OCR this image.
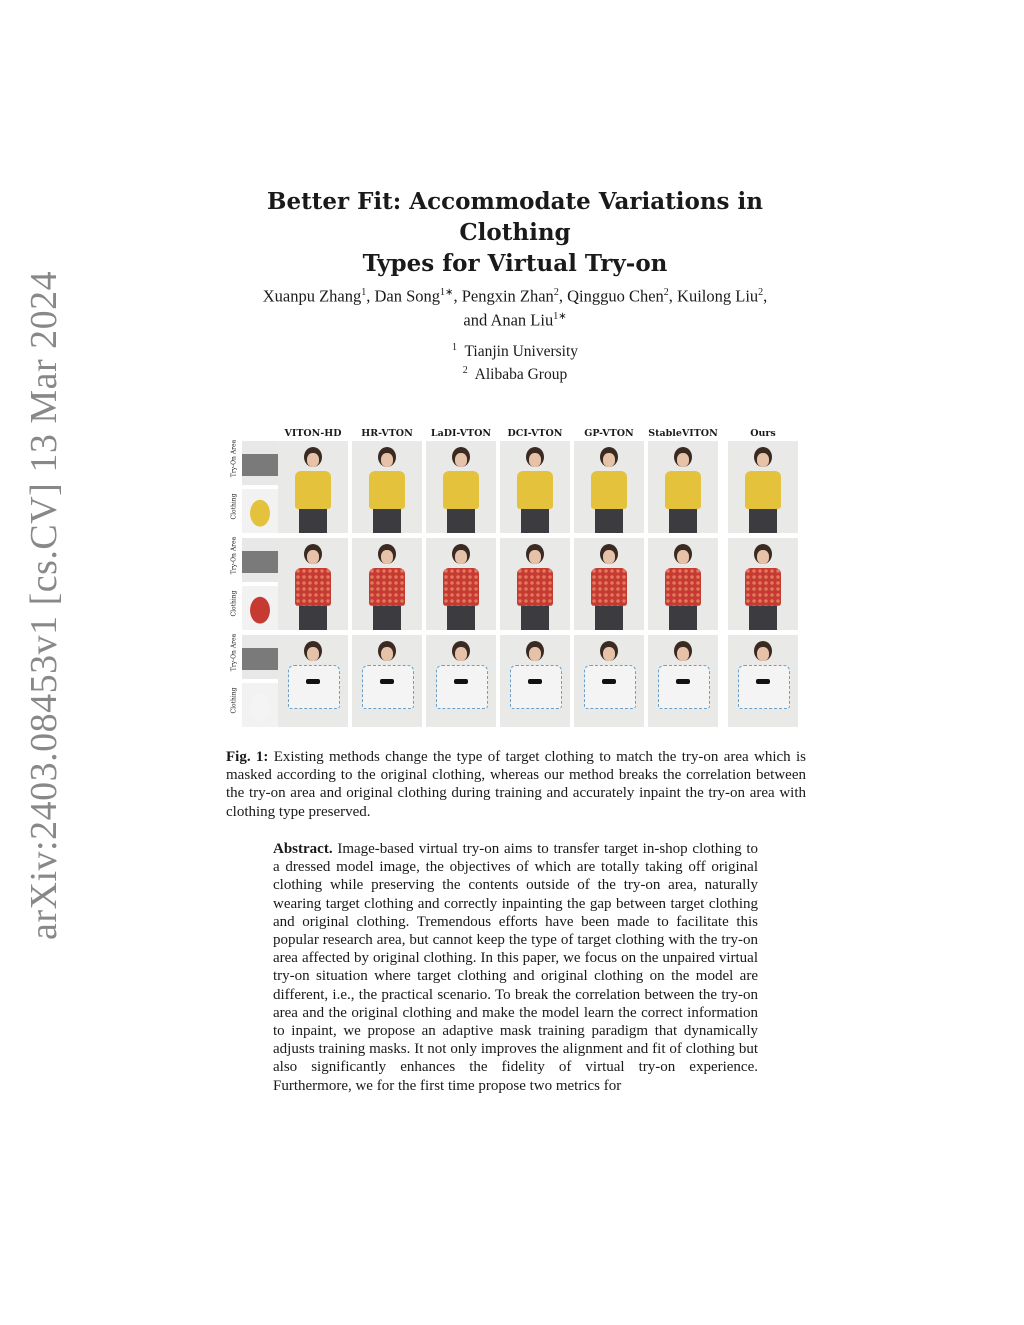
arXiv:2403.08453v1 [cs.CV] 13 Mar 2024
Better Fit: Accommodate Variations in Clothing
Types for Virtual Try-on
Xuanpu Zhang$^1$, Dan Song$^{1∗}$, Pengxin Zhan$^2$, Qingguo Chen$^2$, Kuilong Liu$^2$,
and Anan Liu$^{1∗}$
$^1$ Tianjin University
$^2$ Alibaba Group
VITON-HD	HR-VTON	LaDI-VTON	DCI-VTON	GP-VTON	StableVITON	Ours
Try-On Area
Clothing
Try-On Area
Clothing
Try-On Area
Clothing
Fig. 1: Existing methods change the type of target clothing to match the try-on area which is masked according to the original clothing, whereas our method breaks the correlation between the try-on area and original clothing during training and accurately inpaint the try-on area with clothing type preserved.
Abstract. Image-based virtual try-on aims to transfer target in-shop clothing to a dressed model image, the objectives of which are totally taking off original clothing while preserving the contents outside of the try-on area, naturally wearing target clothing and correctly inpainting the gap between target clothing and original clothing. Tremendous efforts have been made to facilitate this popular research area, but cannot keep the type of target clothing with the try-on area affected by original clothing. In this paper, we focus on the unpaired virtual try-on situation where target clothing and original clothing on the model are different, i.e., the practical scenario. To break the correlation between the try-on area and the original clothing and make the model learn the correct information to inpaint, we propose an adaptive mask training paradigm that dynamically adjusts training masks. It not only improves the alignment and fit of clothing but also significantly enhances the fidelity of virtual try-on experience. Furthermore, we for the first time propose two metrics for
